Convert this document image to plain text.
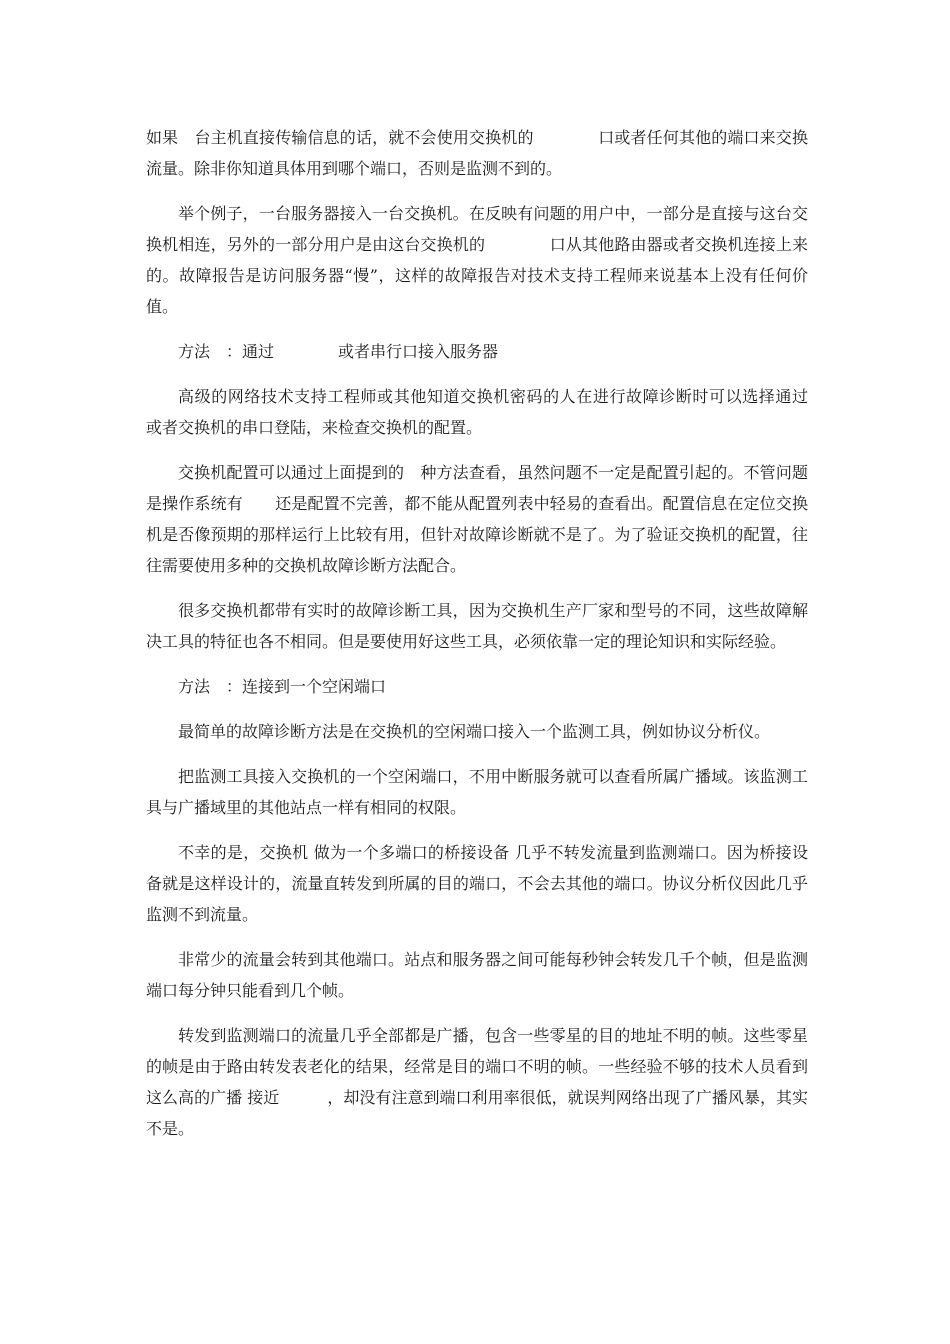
如果　台主机直接传输信息的话，就不会使用交换机的　　　　口或者任何其他的端口来交换流量。除非你知道具体用到哪个端口，否则是监测不到的。

举个例子，一台服务器接入一台交换机。在反映有问题的用户中，一部分是直接与这台交换机相连，另外的一部分用户是由这台交换机的　　　　口从其他路由器或者交换机连接上来的。故障报告是访问服务器“慢”，这样的故障报告对技术支持工程师来说基本上没有任何价值。

方法　：通过　　　　或者串行口接入服务器

高级的网络技术支持工程师或其他知道交换机密码的人在进行故障诊断时可以选择通过　　　　或者交换机的串口登陆，来检查交换机的配置。

交换机配置可以通过上面提到的　种方法查看，虽然问题不一定是配置引起的。不管问题是操作系统有　　还是配置不完善，都不能从配置列表中轻易的查看出。配置信息在定位交换机是否像预期的那样运行上比较有用，但针对故障诊断就不是了。为了验证交换机的配置，往往需要使用多种的交换机故障诊断方法配合。

很多交换机都带有实时的故障诊断工具，因为交换机生产厂家和型号的不同，这些故障解决工具的特征也各不相同。但是要使用好这些工具，必须依靠一定的理论知识和实际经验。

方法　：连接到一个空闲端口

最简单的故障诊断方法是在交换机的空闲端口接入一个监测工具，例如协议分析仪。

把监测工具接入交换机的一个空闲端口，不用中断服务就可以查看所属广播域。该监测工具与广播域里的其他站点一样有相同的权限。

不幸的是，交换机 做为一个多端口的桥接设备 几乎不转发流量到监测端口。因为桥接设备就是这样设计的，流量直转发到所属的目的端口，不会去其他的端口。协议分析仪因此几乎监测不到流量。

非常少的流量会转到其他端口。站点和服务器之间可能每秒钟会转发几千个帧，但是监测端口每分钟只能看到几个帧。

转发到监测端口的流量几乎全部都是广播，包含一些零星的目的地址不明的帧。这些零星的帧是由于路由转发表老化的结果，经常是目的端口不明的帧。一些经验不够的技术人员看到这么高的广播 接近　　　，却没有注意到端口利用率很低，就误判网络出现了广播风暴，其实不是。
